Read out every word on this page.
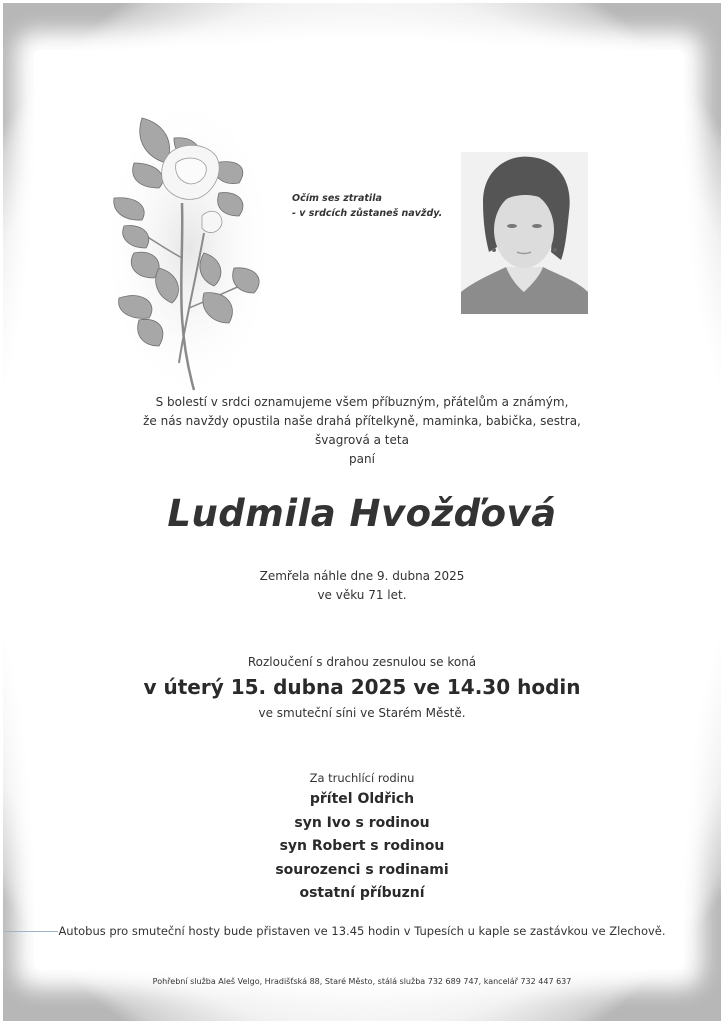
Očím ses ztratila
- v srdcích zůstaneš navždy.
S bolestí v srdci oznamujeme všem příbuzným, přátelům a známým,
že nás navždy opustila naše drahá přítelkyně, maminka, babička, sestra,
švagrová a teta
paní
Ludmila Hvožďová
Zemřela náhle dne 9. dubna 2025
ve věku 71 let.
Rozloučení s drahou zesnulou se koná
v úterý 15. dubna 2025 ve 14.30 hodin
ve smuteční síni ve Starém Městě.
Za truchlící rodinu
přítel Oldřich
syn Ivo s rodinou
syn Robert s rodinou
sourozenci s rodinami
ostatní příbuzní
Autobus pro smuteční hosty bude přistaven ve 13.45 hodin v Tupesích u kaple se zastávkou ve Zlechově.
Pohřební služba Aleš Velgo, Hradišťská 88, Staré Město, stálá služba 732 689 747, kancelář 732 447 637
